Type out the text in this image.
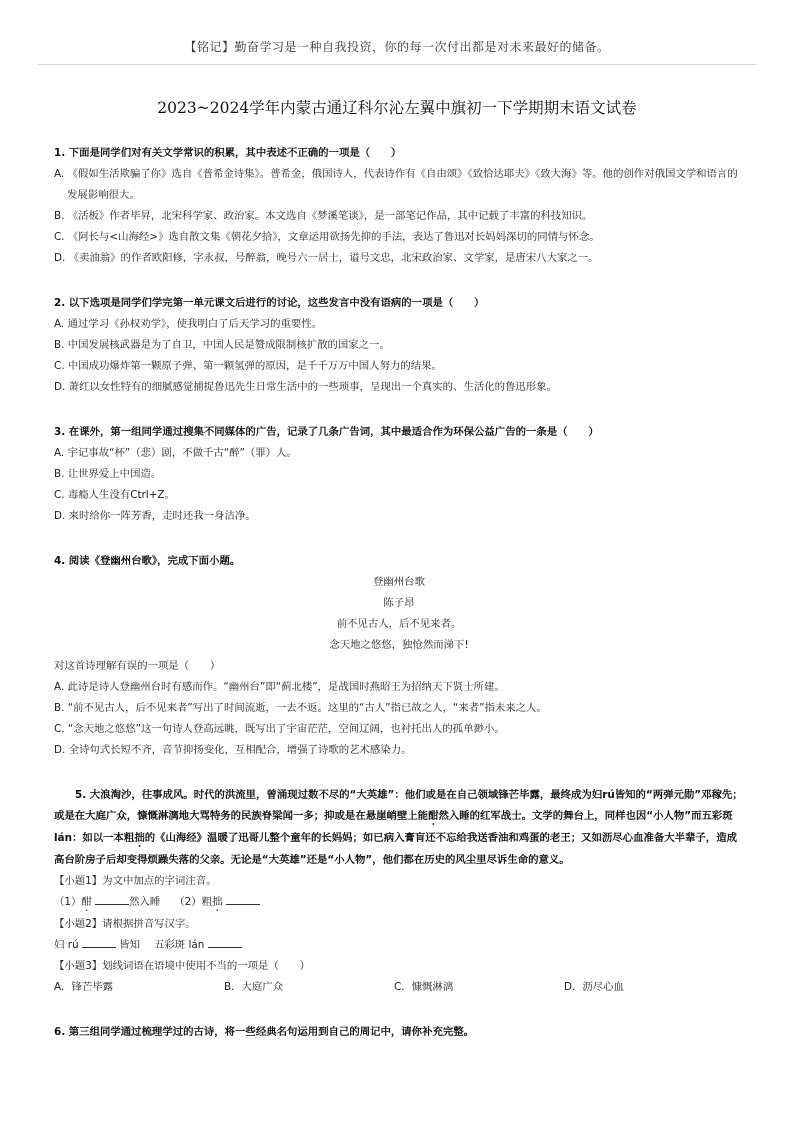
【铭记】勤奋学习是一种自我投资，你的每一次付出都是对未来最好的储备。
2023~2024学年内蒙古通辽科尔沁左翼中旗初一下学期期末语文试卷
1. 下面是同学们对有关文学常识的积累，其中表述不正确的一项是（　　）
A. 《假如生活欺骗了你》选自《普希金诗集》。普希金，俄国诗人，代表诗作有《自由颂》《致恰达耶夫》《致大海》等。他的创作对俄国文学和语言的发展影响很大。
B. 《活板》作者毕昇，北宋科学家、政治家。本文选自《梦溪笔谈》，是一部笔记作品，其中记载了丰富的科技知识。
C. 《阿长与<山海经>》选自散文集《朝花夕拾》，文章运用欲扬先抑的手法，表达了鲁迅对长妈妈深切的同情与怀念。
D. 《卖油翁》的作者欧阳修，字永叔，号醉翁，晚号六一居士，谥号文忠，北宋政治家、文学家，是唐宋八大家之一。
2. 以下选项是同学们学完第一单元课文后进行的讨论，这些发言中没有语病的一项是（　　）
A. 通过学习《孙权劝学》，使我明白了后天学习的重要性。
B. 中国发展核武器是为了自卫，中国人民是赞成限制核扩散的国家之一。
C. 中国成功爆炸第一颗原子弹、第一颗氢弹的原因，是千千万万中国人努力的结果。
D. 萧红以女性特有的细腻感觉捕捉鲁迅先生日常生活中的一些琐事，呈现出一个真实的、生活化的鲁迅形象。
3. 在课外，第一组同学通过搜集不同媒体的广告，记录了几条广告词，其中最适合作为环保公益广告的一条是（　　）
A. 宇记事故“杯”（悲）剧，不做千古“醉”（罪）人。
B. 让世界爱上中国造。
C. 毒瘾人生没有Ctrl+Z。
D. 来时给你一阵芳香，走时还我一身洁净。
4. 阅读《登幽州台歌》，完成下面小题。
登幽州台歌
陈子昂
前不见古人，后不见来者。
念天地之悠悠，独怆然而涕下!
对这首诗理解有误的一项是（　　）
A. 此诗是诗人登幽州台时有感而作。“幽州台”即“蓟北楼”，是战国时燕昭王为招纳天下贤士所建。
B. “前不见古人，后不见来者”写出了时间流逝，一去不返。这里的“古人”指已故之人，“来者”指未来之人。
C. “念天地之悠悠”这一句诗人登高远眺，既写出了宇宙茫茫，空间辽阔，也衬托出人的孤单渺小。
D. 全诗句式长短不齐，音节抑扬变化，互相配合，增强了诗歌的艺术感染力。
5. 大浪淘沙，往事成风。时代的洪流里，曾涌现过数不尽的“大英雄”：他们或是在自己领域锋芒毕露，最终成为妇rú皆知的“两弹元勋”邓稼先；或是在大庭广众，慷慨淋漓地大骂特务的民族脊梁闻一多；抑或是在悬崖峭壁上能酣然入睡的红军战士。文学的舞台上，同样也因“小人物”而五彩斑 lán：如以一本粗拙的《山海经》温暖了迅哥儿整个童年的长妈妈；如已病入膏肓还不忘给我送香油和鸡蛋的老王；又如沥尽心血准备大半辈子，造成高台阶房子后却变得烦躁失落的父亲。无论是“大英雄”还是“小人物”，他们都在历史的风尘里尽诉生命的意义。
【小题1】为文中加点的字词注音。
（1）酣	然入睡 （2）粗拙
【小题2】请根据拼音写汉字。
妇 rú	皆知 五彩斑 lán
【小题3】划线词语在语境中使用不当的一项是（　　）
A．锋芒毕露	B．大庭广众	C．慷慨淋漓	D．沥尽心血
6. 第三组同学通过梳理学过的古诗，将一些经典名句运用到自己的周记中，请你补充完整。
